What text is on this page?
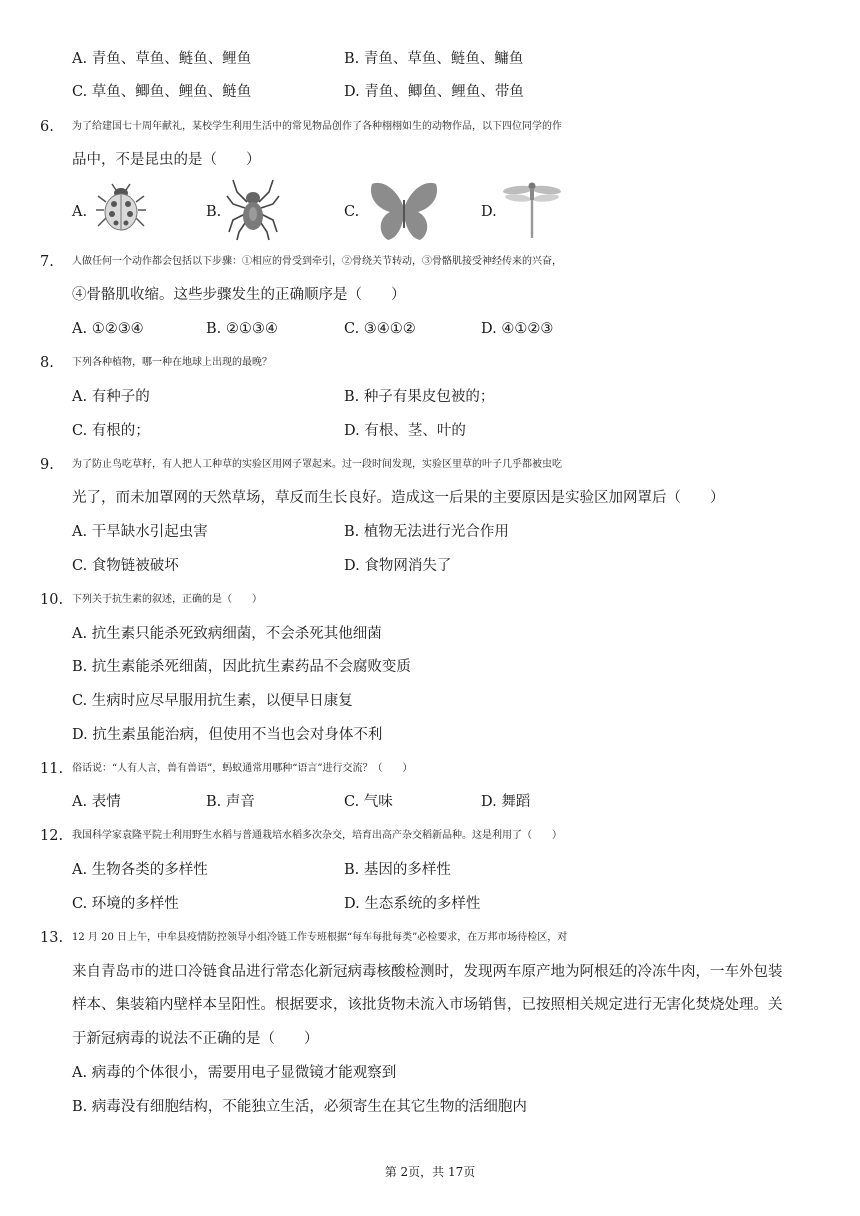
A. 青鱼、草鱼、鲢鱼、鲤鱼	B. 青鱼、草鱼、鲢鱼、鳙鱼
C. 草鱼、鲫鱼、鲤鱼、鲢鱼	D. 青鱼、鲫鱼、鲤鱼、带鱼
6. 为了给建国七十周年献礼，某校学生利用生活中的常见物品创作了各种栩栩如生的动物作品，以下四位同学的作
品中，不是昆虫的是（　　）
A.	B.	C.	D.
7. 人做任何一个动作都会包括以下步骤：①相应的骨受到牵引，②骨绕关节转动，③骨骼肌接受神经传来的兴奋，
④骨骼肌收缩。这些步骤发生的正确顺序是（　　）
A. ①②③④	B. ②①③④	C. ③④①②	D. ④①②③
8. 下列各种植物，哪一种在地球上出现的最晚？
A. 有种子的	B. 种子有果皮包被的；
C. 有根的；	D. 有根、茎、叶的
9. 为了防止鸟吃草籽，有人把人工种草的实验区用网子罩起来。过一段时间发现，实验区里草的叶子几乎都被虫吃
光了，而未加罩网的天然草场，草反而生长良好。造成这一后果的主要原因是实验区加网罩后（　　）
A. 干旱缺水引起虫害	B. 植物无法进行光合作用
C. 食物链被破坏	D. 食物网消失了
10. 下列关于抗生素的叙述，正确的是（　　）
A. 抗生素只能杀死致病细菌，不会杀死其他细菌
B. 抗生素能杀死细菌，因此抗生素药品不会腐败变质
C. 生病时应尽早服用抗生素，以便早日康复
D. 抗生素虽能治病，但使用不当也会对身体不利
11. 俗话说：“人有人言，兽有兽语”，蚂蚁通常用哪种“语言”进行交流？（　　）
A. 表情	B. 声音	C. 气味	D. 舞蹈
12. 我国科学家袁隆平院士利用野生水稻与普通栽培水稻多次杂交，培育出高产杂交稻新品种。这是利用了（　　）
A. 生物各类的多样性	B. 基因的多样性
C. 环境的多样性	D. 生态系统的多样性
13. 12 月 20 日上午，中牟县疫情防控领导小组冷链工作专班根据“每车每批每类”必检要求，在万邦市场待检区，对
来自青岛市的进口冷链食品进行常态化新冠病毒核酸检测时，发现两车原产地为阿根廷的冷冻牛肉，一车外包装
样本、集装箱内壁样本呈阳性。根据要求，该批货物未流入市场销售，已按照相关规定进行无害化焚烧处理。关
于新冠病毒的说法不正确的是（　　）
A. 病毒的个体很小，需要用电子显微镜才能观察到
B. 病毒没有细胞结构，不能独立生活，必须寄生在其它生物的活细胞内
第 2页，共 17页
